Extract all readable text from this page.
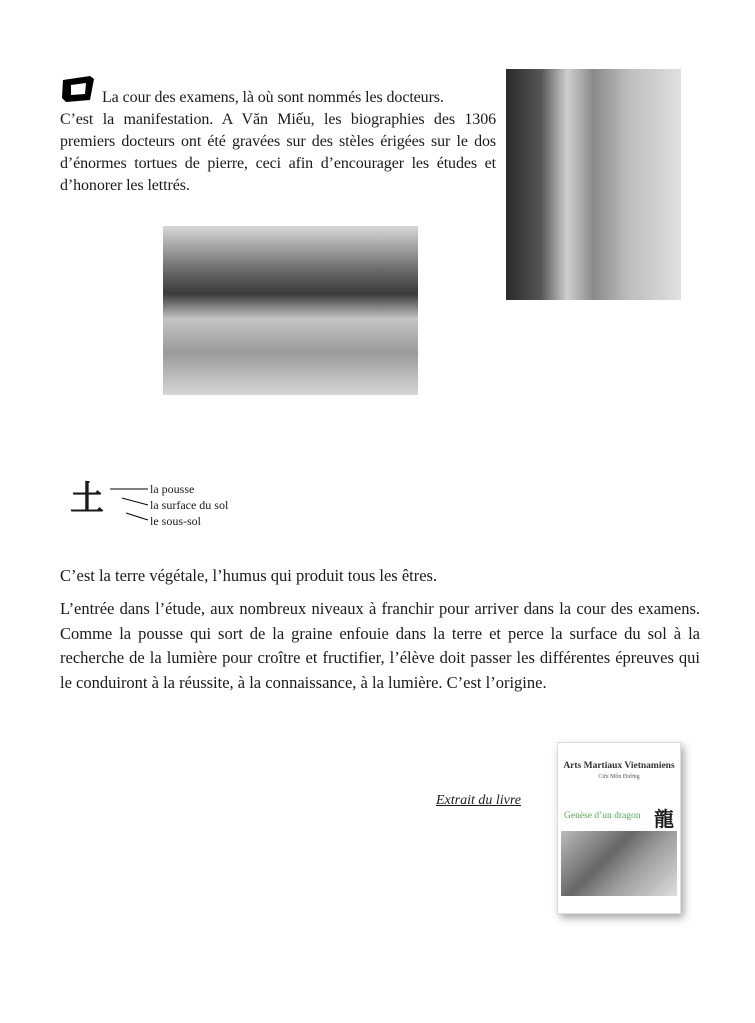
La cour des examens, là où sont nommés les docteurs.
C’est la manifestation. A Văn Miếu, les biographies des 1306 premiers docteurs ont été gravées sur des stèles érigées sur le dos d’énormes tortues de pierre, ceci afin d’encourager les études et d’honorer les lettrés.
土	la pousse
la surface du sol
le sous-sol
C’est la terre végétale, l’humus qui produit tous les êtres.
L’entrée dans l’étude, aux nombreux niveaux à franchir pour arriver dans la cour des examens. Comme la pousse qui sort de la graine enfouie dans la terre et perce la surface du sol à la recherche de la lumière pour croître et fructifier, l’élève doit passer les différentes épreuves qui le conduiront à la réussite, à la connaissance, à la lumière. C’est l’origine.
Extrait du livre
Arts Martiaux Vietnamiens
Cửu Môn Đường
Genèse d’un dragon 龍
